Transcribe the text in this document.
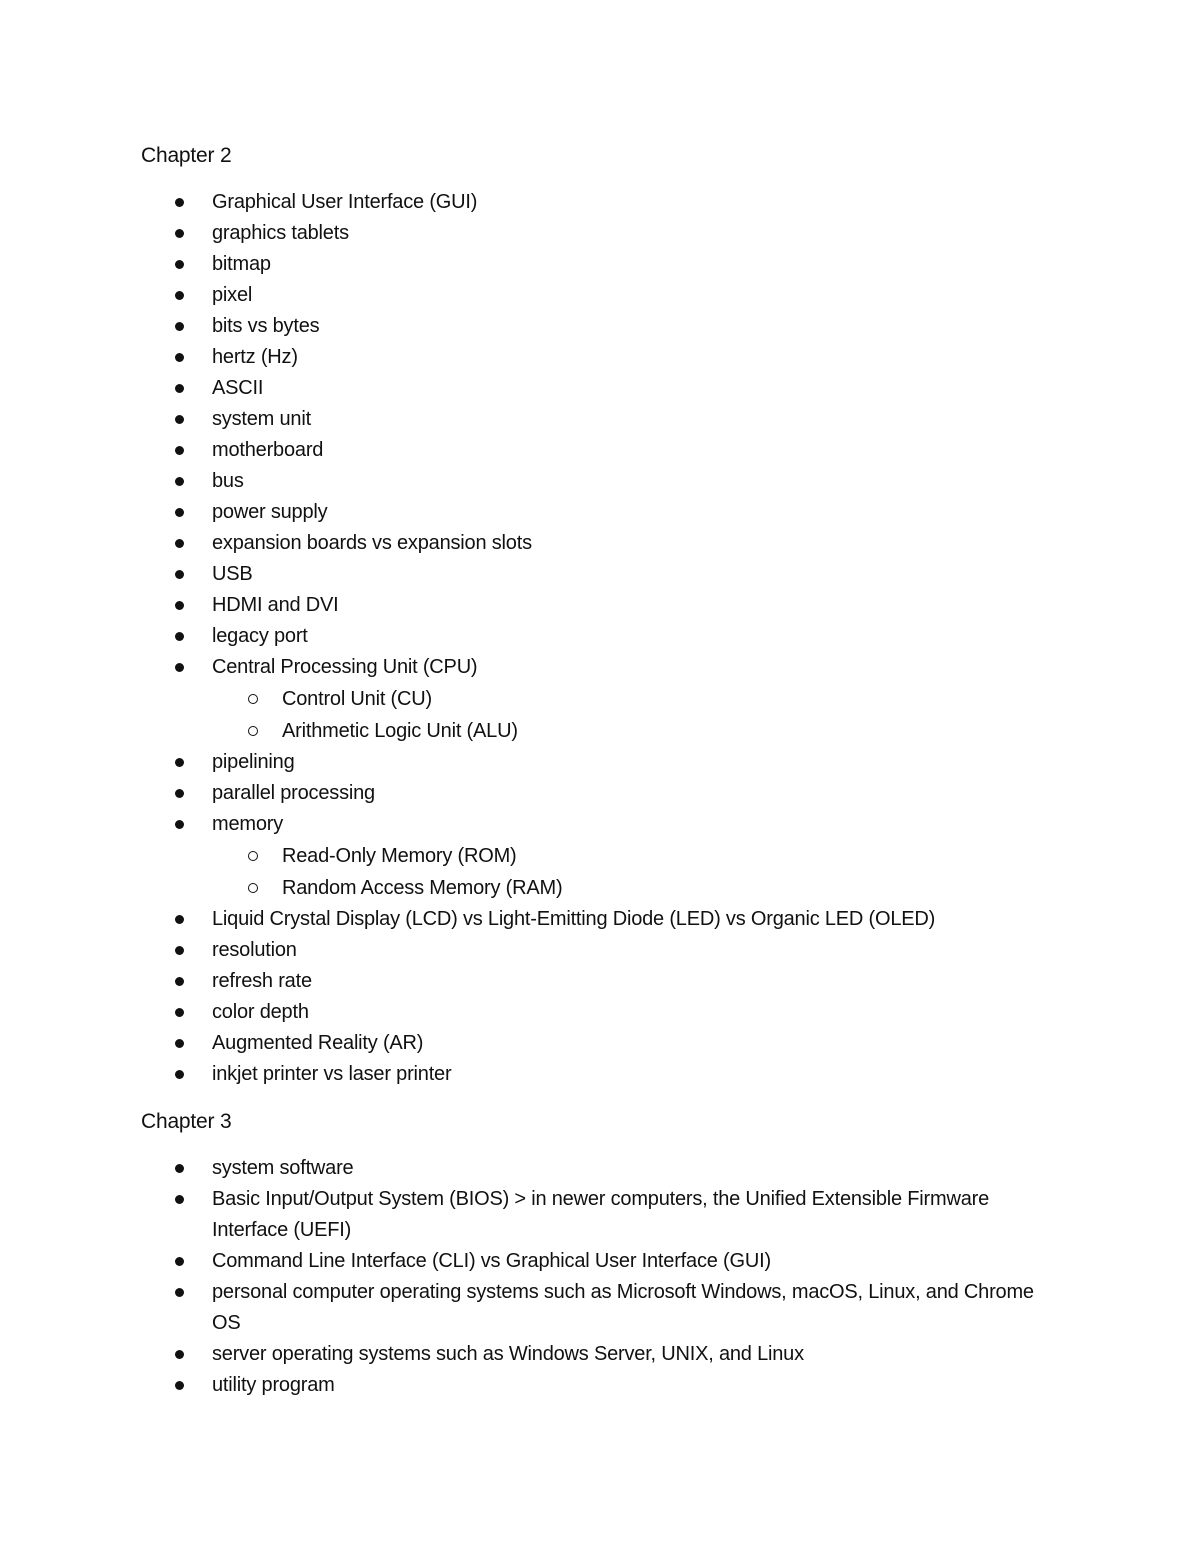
Chapter 2
Graphical User Interface (GUI)
graphics tablets
bitmap
pixel
bits vs bytes
hertz (Hz)
ASCII
system unit
motherboard
bus
power supply
expansion boards vs expansion slots
USB
HDMI and DVI
legacy port
Central Processing Unit (CPU)
Control Unit (CU)
Arithmetic Logic Unit (ALU)
pipelining
parallel processing
memory
Read-Only Memory (ROM)
Random Access Memory (RAM)
Liquid Crystal Display (LCD) vs Light-Emitting Diode (LED) vs Organic LED (OLED)
resolution
refresh rate
color depth
Augmented Reality (AR)
inkjet printer vs laser printer
Chapter 3
system software
Basic Input/Output System (BIOS) > in newer computers, the Unified Extensible Firmware Interface (UEFI)
Command Line Interface (CLI) vs Graphical User Interface (GUI)
personal computer operating systems such as Microsoft Windows, macOS, Linux, and Chrome OS
server operating systems such as Windows Server, UNIX, and Linux
utility program
